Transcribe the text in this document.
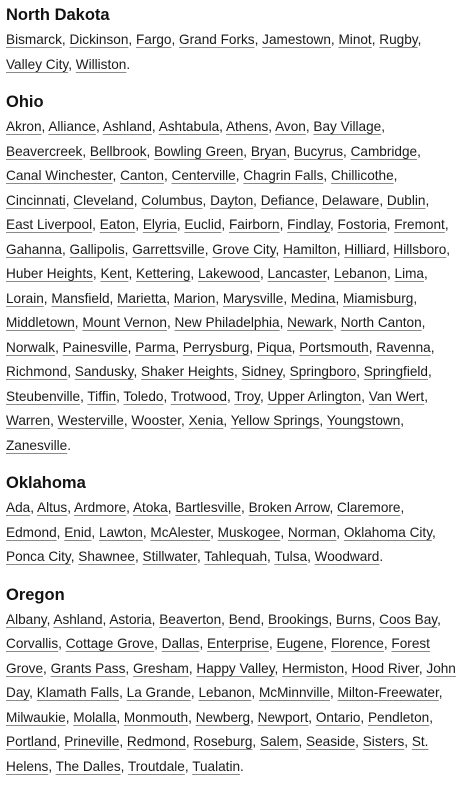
North Dakota

Bismarck, Dickinson, Fargo, Grand Forks, Jamestown, Minot, Rugby, Valley City, Williston.

Ohio

Akron, Alliance, Ashland, Ashtabula, Athens, Avon, Bay Village, Beavercreek, Bellbrook, Bowling Green, Bryan, Bucyrus, Cambridge, Canal Winchester, Canton, Centerville, Chagrin Falls, Chillicothe, Cincinnati, Cleveland, Columbus, Dayton, Defiance, Delaware, Dublin, East Liverpool, Eaton, Elyria, Euclid, Fairborn, Findlay, Fostoria, Fremont, Gahanna, Gallipolis, Garrettsville, Grove City, Hamilton, Hilliard, Hillsboro, Huber Heights, Kent, Kettering, Lakewood, Lancaster, Lebanon, Lima, Lorain, Mansfield, Marietta, Marion, Marysville, Medina, Miamisburg, Middletown, Mount Vernon, New Philadelphia, Newark, North Canton, Norwalk, Painesville, Parma, Perrysburg, Piqua, Portsmouth, Ravenna, Richmond, Sandusky, Shaker Heights, Sidney, Springboro, Springfield, Steubenville, Tiffin, Toledo, Trotwood, Troy, Upper Arlington, Van Wert, Warren, Westerville, Wooster, Xenia, Yellow Springs, Youngstown, Zanesville.

Oklahoma

Ada, Altus, Ardmore, Atoka, Bartlesville, Broken Arrow, Claremore, Edmond, Enid, Lawton, McAlester, Muskogee, Norman, Oklahoma City, Ponca City, Shawnee, Stillwater, Tahlequah, Tulsa, Woodward.

Oregon

Albany, Ashland, Astoria, Beaverton, Bend, Brookings, Burns, Coos Bay, Corvallis, Cottage Grove, Dallas, Enterprise, Eugene, Florence, Forest Grove, Grants Pass, Gresham, Happy Valley, Hermiston, Hood River, John Day, Klamath Falls, La Grande, Lebanon, McMinnville, Milton-Freewater, Milwaukie, Molalla, Monmouth, Newberg, Newport, Ontario, Pendleton, Portland, Prineville, Redmond, Roseburg, Salem, Seaside, Sisters, St. Helens, The Dalles, Troutdale, Tualatin.
